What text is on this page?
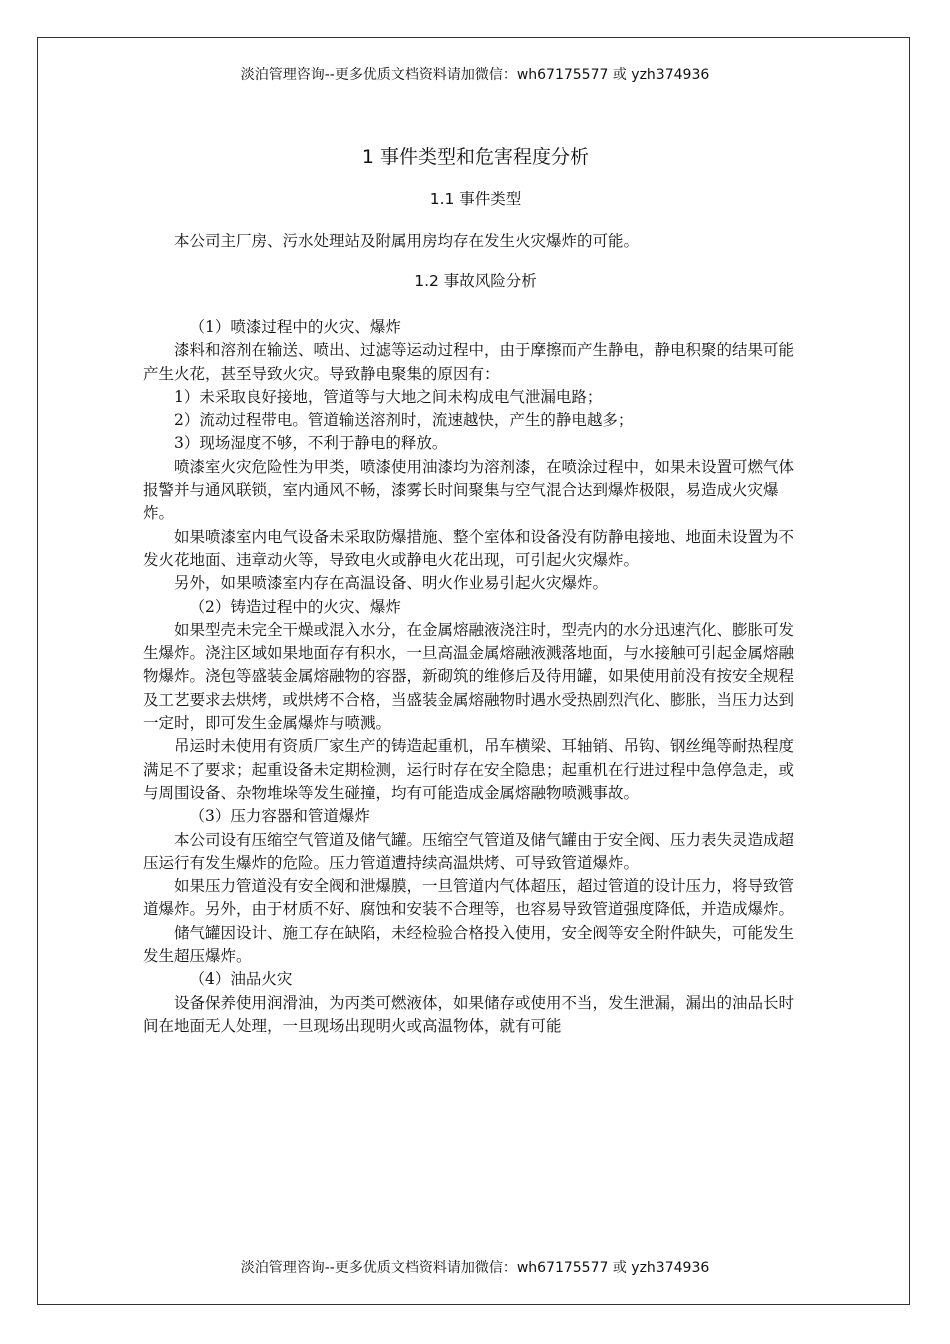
淡泊管理咨询--更多优质文档资料请加微信：wh67175577 或 yzh374936
1 事件类型和危害程度分析
1.1 事件类型

本公司主厂房、污水处理站及附属用房均存在发生火灾爆炸的可能。

1.2 事故风险分析

（1）喷漆过程中的火灾、爆炸

漆料和溶剂在输送、喷出、过滤等运动过程中，由于摩擦而产生静电，静电积聚的结果可能产生火花，甚至导致火灾。导致静电聚集的原因有：

1）未采取良好接地，管道等与大地之间未构成电气泄漏电路；

2）流动过程带电。管道输送溶剂时，流速越快，产生的静电越多；

3）现场湿度不够，不利于静电的释放。

喷漆室火灾危险性为甲类，喷漆使用油漆均为溶剂漆，在喷涂过程中，如果未设置可燃气体报警并与通风联锁，室内通风不畅，漆雾长时间聚集与空气混合达到爆炸极限，易造成火灾爆炸。

如果喷漆室内电气设备未采取防爆措施、整个室体和设备没有防静电接地、地面未设置为不发火花地面、违章动火等，导致电火或静电火花出现，可引起火灾爆炸。

另外，如果喷漆室内存在高温设备、明火作业易引起火灾爆炸。

（2）铸造过程中的火灾、爆炸

如果型壳未完全干燥或混入水分，在金属熔融液浇注时，型壳内的水分迅速汽化、膨胀可发生爆炸。浇注区域如果地面存有积水，一旦高温金属熔融液溅落地面，与水接触可引起金属熔融物爆炸。浇包等盛装金属熔融物的容器，新砌筑的维修后及待用罐，如果使用前没有按安全规程及工艺要求去烘烤，或烘烤不合格，当盛装金属熔融物时遇水受热剧烈汽化、膨胀，当压力达到一定时，即可发生金属爆炸与喷溅。

吊运时未使用有资质厂家生产的铸造起重机，吊车横梁、耳轴销、吊钩、钢丝绳等耐热程度满足不了要求；起重设备未定期检测，运行时存在安全隐患；起重机在行进过程中急停急走，或与周围设备、杂物堆垛等发生碰撞，均有可能造成金属熔融物喷溅事故。

（3）压力容器和管道爆炸

本公司设有压缩空气管道及储气罐。压缩空气管道及储气罐由于安全阀、压力表失灵造成超压运行有发生爆炸的危险。压力管道遭持续高温烘烤、可导致管道爆炸。

如果压力管道没有安全阀和泄爆膜，一旦管道内气体超压，超过管道的设计压力，将导致管道爆炸。另外，由于材质不好、腐蚀和安装不合理等，也容易导致管道强度降低，并造成爆炸。

储气罐因设计、施工存在缺陷，未经检验合格投入使用，安全阀等安全附件缺失，可能发生发生超压爆炸。

（4）油品火灾

设备保养使用润滑油，为丙类可燃液体，如果储存或使用不当，发生泄漏，漏出的油品长时间在地面无人处理，一旦现场出现明火或高温物体，就有可能

淡泊管理咨询--更多优质文档资料请加微信：wh67175577 或 yzh374936
